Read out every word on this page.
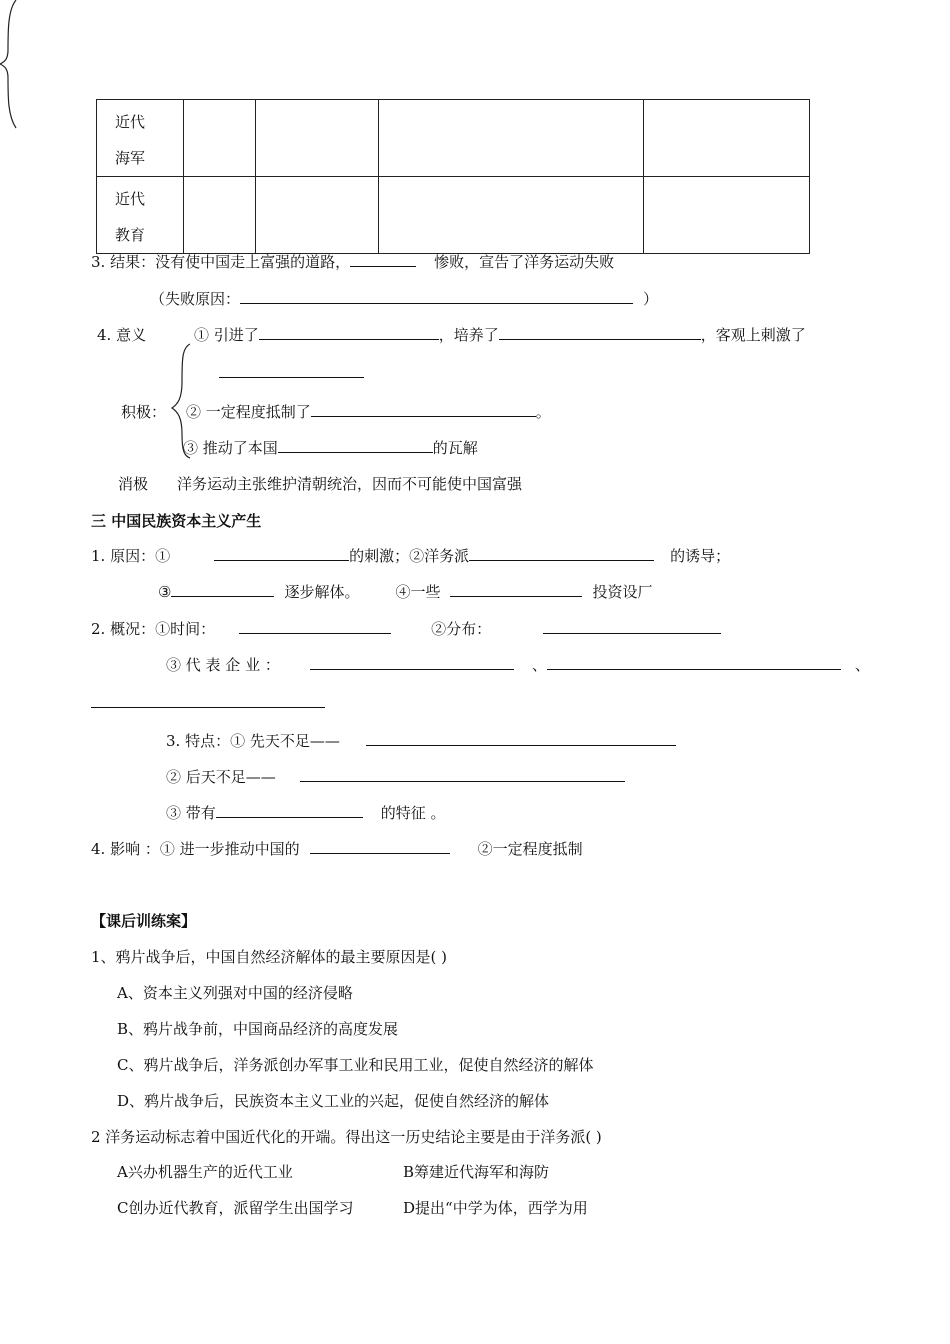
近代
海军				

近代
教育				

3. 结果：没有使中国走上富强的道路，	惨败，宣告了洋务运动失败
（失败原因：	）
4. 意义	① 引进了	，培养了	，客观上刺激了
积极： ② 一定程度抵制了	。
③ 推动了本国	的瓦解
消极 洋务运动主张维护清朝统治，因而不可能使中国富强
三 中国民族资本主义产生
1. 原因：①	的刺激；②洋务派	的诱导；
③	逐步解体。 ④一些	投资设厂
2. 概况：①时间：	②分布：
③ 代 表 企 业 ：	、	、
3. 特点：① 先天不足——
② 后天不足——
③ 带有	的特征 。
4. 影响 ：① 进一步推动中国的	②一定程度抵制
【课后训练案】
1、鸦片战争后，中国自然经济解体的最主要原因是( )
A、资本主义列强对中国的经济侵略
B、鸦片战争前，中国商品经济的高度发展
C、鸦片战争后，洋务派创办军事工业和民用工业，促使自然经济的解体
D、鸦片战争后，民族资本主义工业的兴起，促使自然经济的解体
2 洋务运动标志着中国近代化的开端。得出这一历史结论主要是由于洋务派( )
A兴办机器生产的近代工业	B筹建近代海军和海防
C创办近代教育，派留学生出国学习	D提出“中学为体，西学为用
